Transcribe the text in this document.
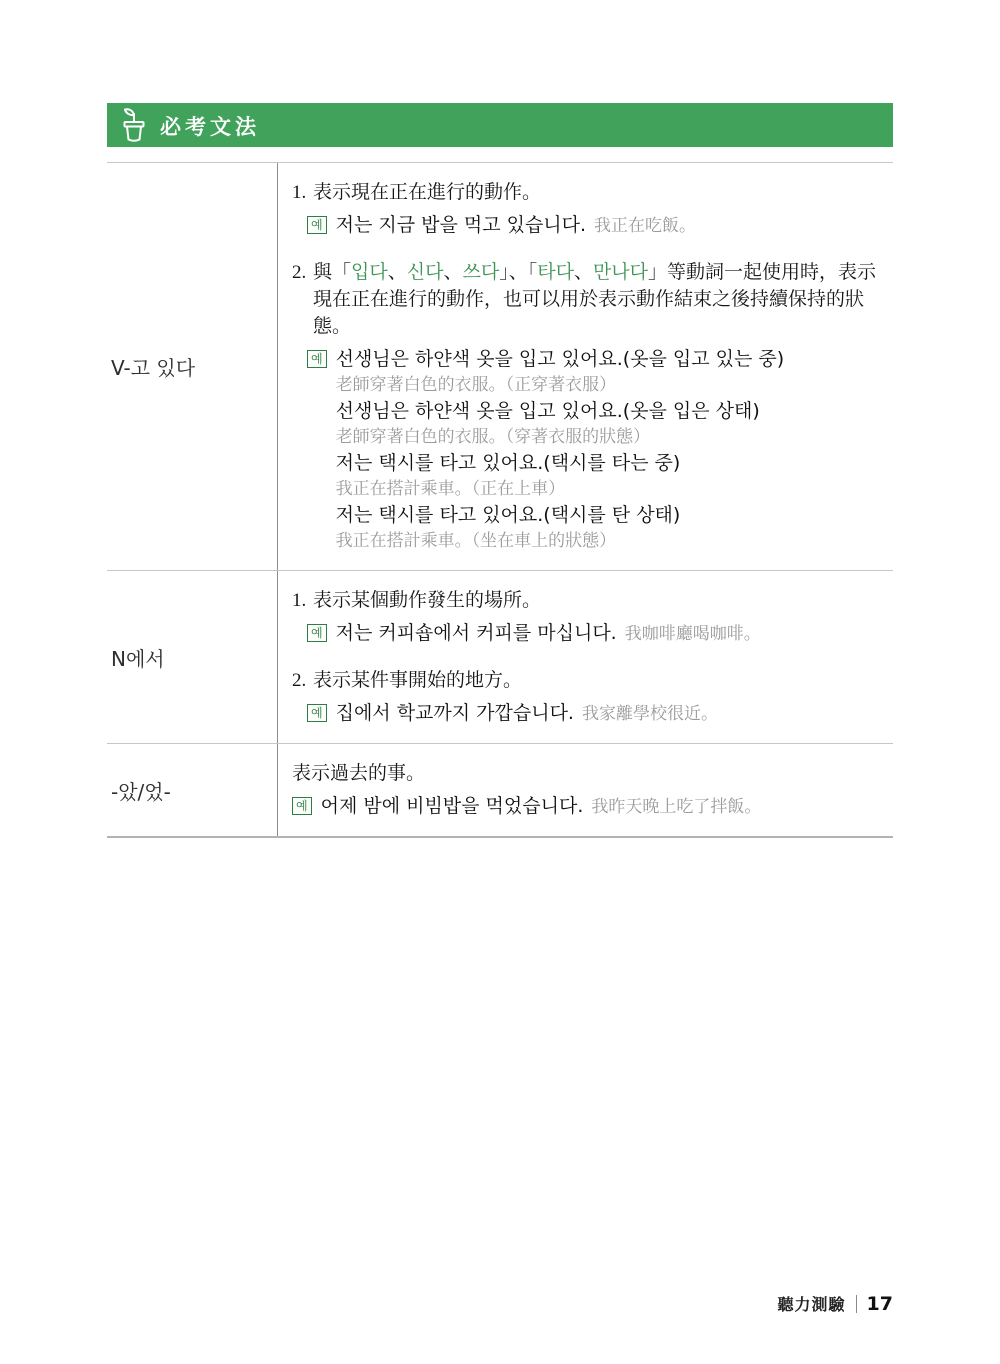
必考文法
V-고 있다
1. 表示現在正在進行的動作。
예 저는 지금 밥을 먹고 있습니다. 我正在吃飯。
2. 與「입다、신다、쓰다」、「타다、만나다」等動詞一起使用時，表示現在正在進行的動作，也可以用於表示動作結束之後持續保持的狀態。
예 선생님은 하얀색 옷을 입고 있어요.(옷을 입고 있는 중)
老師穿著白色的衣服。（正穿著衣服）
선생님은 하얀색 옷을 입고 있어요.(옷을 입은 상태)
老師穿著白色的衣服。（穿著衣服的狀態）
저는 택시를 타고 있어요.(택시를 타는 중)
我正在搭計乘車。（正在上車）
저는 택시를 타고 있어요.(택시를 탄 상태)
我正在搭計乘車。（坐在車上的狀態）
N에서
1. 表示某個動作發生的場所。
예 저는 커피숍에서 커피를 마십니다. 我咖啡廳喝咖啡。
2. 表示某件事開始的地方。
예 집에서 학교까지 가깝습니다. 我家離學校很近。
-았/었-
表示過去的事。
예 어제 밤에 비빔밥을 먹었습니다. 我昨天晚上吃了拌飯。
聽力測驗 17
